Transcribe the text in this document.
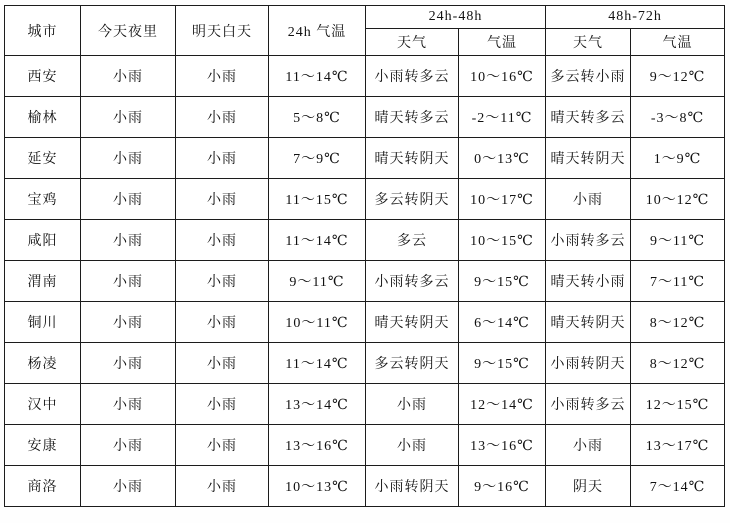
城市	今天夜里	明天白天	24h 气温	24h-48h		48h-72h	
				天气	气温	天气	气温
西安	小雨	小雨	11～14℃	小雨转多云	10～16℃	多云转小雨	9～12℃
榆林	小雨	小雨	5～8℃	晴天转多云	-2～11℃	晴天转多云	-3～8℃
延安	小雨	小雨	7～9℃	晴天转阴天	0～13℃	晴天转阴天	1～9℃
宝鸡	小雨	小雨	11～15℃	多云转阴天	10～17℃	小雨	10～12℃
咸阳	小雨	小雨	11～14℃	多云	10～15℃	小雨转多云	9～11℃
渭南	小雨	小雨	9～11℃	小雨转多云	9～15℃	晴天转小雨	7～11℃
铜川	小雨	小雨	10～11℃	晴天转阴天	6～14℃	晴天转阴天	8～12℃
杨凌	小雨	小雨	11～14℃	多云转阴天	9～15℃	小雨转阴天	8～12℃
汉中	小雨	小雨	13～14℃	小雨	12～14℃	小雨转多云	12～15℃
安康	小雨	小雨	13～16℃	小雨	13～16℃	小雨	13～17℃
商洛	小雨	小雨	10～13℃	小雨转阴天	9～16℃	阴天	7～14℃
